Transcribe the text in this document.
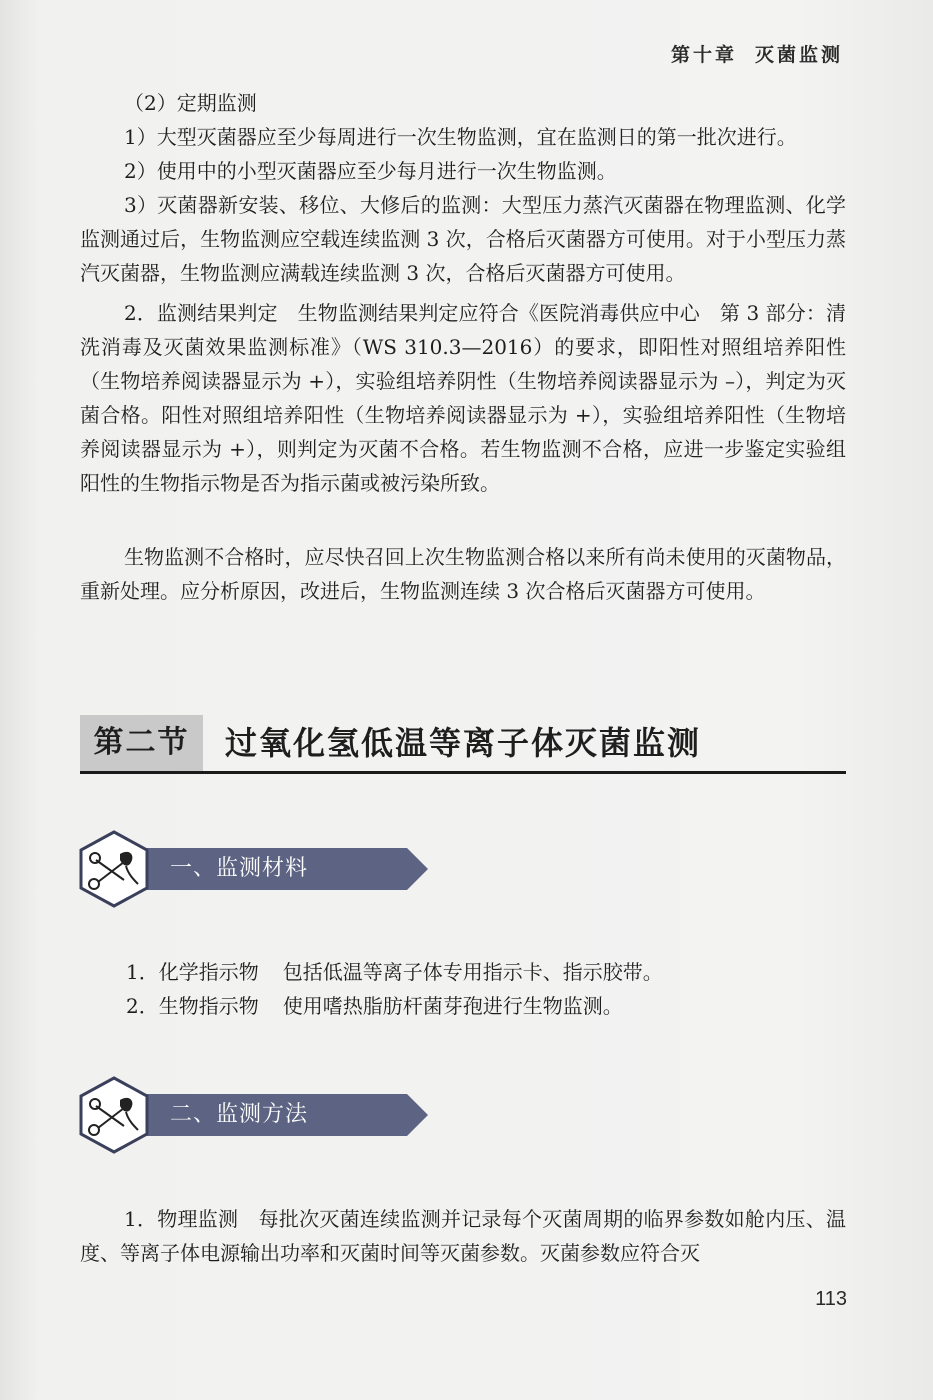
第十章 灭菌监测

（2）定期监测

1）大型灭菌器应至少每周进行一次生物监测，宜在监测日的第一批次进行。

2）使用中的小型灭菌器应至少每月进行一次生物监测。

3）灭菌器新安装、移位、大修后的监测：大型压力蒸汽灭菌器在物理监测、化学监测通过后，生物监测应空载连续监测 3 次，合格后灭菌器方可使用。对于小型压力蒸汽灭菌器，生物监测应满载连续监测 3 次，合格后灭菌器方可使用。

2．监测结果判定　生物监测结果判定应符合《医院消毒供应中心　第 3 部分：清洗消毒及灭菌效果监测标准》（WS 310.3—2016）的要求，即阳性对照组培养阳性（生物培养阅读器显示为 +），实验组培养阴性（生物培养阅读器显示为 –），判定为灭菌合格。阳性对照组培养阳性（生物培养阅读器显示为 +），实验组培养阳性（生物培养阅读器显示为 +），则判定为灭菌不合格。若生物监测不合格，应进一步鉴定实验组阳性的生物指示物是否为指示菌或被污染所致。

生物监测不合格时，应尽快召回上次生物监测合格以来所有尚未使用的灭菌物品，重新处理。应分析原因，改进后，生物监测连续 3 次合格后灭菌器方可使用。

第二节	过氧化氢低温等离子体灭菌监测
一、监测材料
1．化学指示物 包括低温等离子体专用指示卡、指示胶带。
2．生物指示物 使用嗜热脂肪杆菌芽孢进行生物监测。
二、监测方法

1．物理监测　每批次灭菌连续监测并记录每个灭菌周期的临界参数如舱内压、温度、等离子体电源输出功率和灭菌时间等灭菌参数。灭菌参数应符合灭

113
